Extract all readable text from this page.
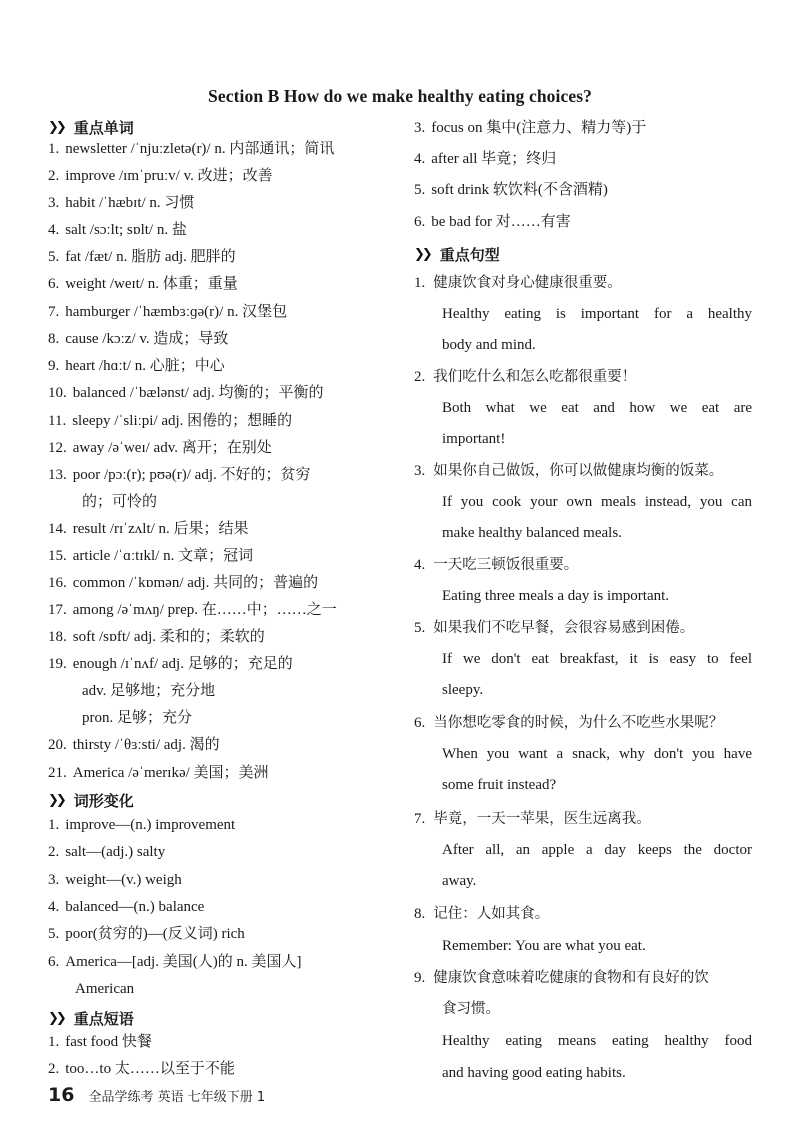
Section B How do we make healthy eating choices?
❯❯ 重点单词
1. newsletter /ˈnjuːzletə(r)/ n. 内部通讯；简讯
2. improve /ɪmˈpruːv/ v. 改进；改善
3. habit /ˈhæbɪt/ n. 习惯
4. salt /sɔːlt; sɒlt/ n. 盐
5. fat /fæt/ n. 脂肪 adj. 肥胖的
6. weight /weɪt/ n. 体重；重量
7. hamburger /ˈhæmbɜːɡə(r)/ n. 汉堡包
8. cause /kɔːz/ v. 造成；导致
9. heart /hɑːt/ n. 心脏；中心
10. balanced /ˈbælənst/ adj. 均衡的；平衡的
11. sleepy /ˈsliːpi/ adj. 困倦的；想睡的
12. away /əˈweɪ/ adv. 离开；在别处
13. poor /pɔː(r); pʊə(r)/ adj. 不好的；贫穷
的；可怜的
14. result /rɪˈzʌlt/ n. 后果；结果
15. article /ˈɑːtɪkl/ n. 文章；冠词
16. common /ˈkɒmən/ adj. 共同的；普遍的
17. among /əˈmʌŋ/ prep. 在……中；……之一
18. soft /sɒft/ adj. 柔和的；柔软的
19. enough /ɪˈnʌf/ adj. 足够的；充足的
adv. 足够地；充分地
pron. 足够；充分
20. thirsty /ˈθɜːsti/ adj. 渴的
21. America /əˈmerɪkə/ 美国；美洲
❯❯ 词形变化
1. improve—(n.) improvement
2. salt—(adj.) salty
3. weight—(v.) weigh
4. balanced—(n.) balance
5. poor(贫穷的)—(反义词) rich
6. America—[adj. 美国(人)的 n. 美国人]
American
❯❯ 重点短语
1. fast food 快餐
2. too…to 太……以至于不能
3. focus on 集中(注意力、精力等)于
4. after all 毕竟；终归
5. soft drink 软饮料(不含酒精)
6. be bad for 对……有害
❯❯ 重点句型
1. 健康饮食对身心健康很重要。
Healthy eating is important for a healthy
body and mind.
2. 我们吃什么和怎么吃都很重要！
Both what we eat and how we eat are
important!
3. 如果你自己做饭，你可以做健康均衡的饭菜。
If you cook your own meals instead, you can
make healthy balanced meals.
4. 一天吃三顿饭很重要。
Eating three meals a day is important.
5. 如果我们不吃早餐，会很容易感到困倦。
If we don't eat breakfast, it is easy to feel
sleepy.
6. 当你想吃零食的时候，为什么不吃些水果呢？
When you want a snack, why don't you have
some fruit instead?
7. 毕竟，一天一苹果，医生远离我。
After all, an apple a day keeps the doctor
away.
8. 记住：人如其食。
Remember: You are what you eat.
9. 健康饮食意味着吃健康的食物和有良好的饮
食习惯。
Healthy eating means eating healthy food
and having good eating habits.
16 全品学练考 英语 七年级下册 1
